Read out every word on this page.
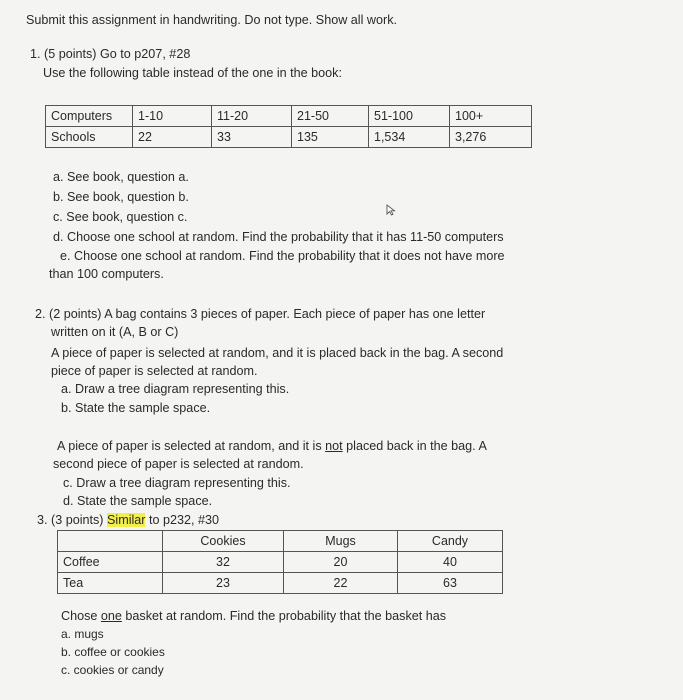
Submit this assignment in handwriting. Do not type. Show all work.
1. (5 points) Go to p207, #28
Use the following table instead of the one in the book:
Computers	1-10	11-20	21-50	51-100	100+
Schools	22	33	135	1,534	3,276
a. See book, question a.
b. See book, question b.
c. See book, question c.
d. Choose one school at random. Find the probability that it has 11-50 computers
e. Choose one school at random. Find the probability that it does not have more
than 100 computers.
2. (2 points) A bag contains 3 pieces of paper. Each piece of paper has one letter
written on it (A, B or C)
A piece of paper is selected at random, and it is placed back in the bag. A second
piece of paper is selected at random.
a. Draw a tree diagram representing this.
b. State the sample space.
A piece of paper is selected at random, and it is not placed back in the bag. A
second piece of paper is selected at random.
c. Draw a tree diagram representing this.
d. State the sample space.
3. (3 points) Similar to p232, #30
	Cookies	Mugs	Candy
Coffee	32	20	40
Tea	23	22	63
Chose one basket at random. Find the probability that the basket has
a. mugs
b. coffee or cookies
c. cookies or candy
